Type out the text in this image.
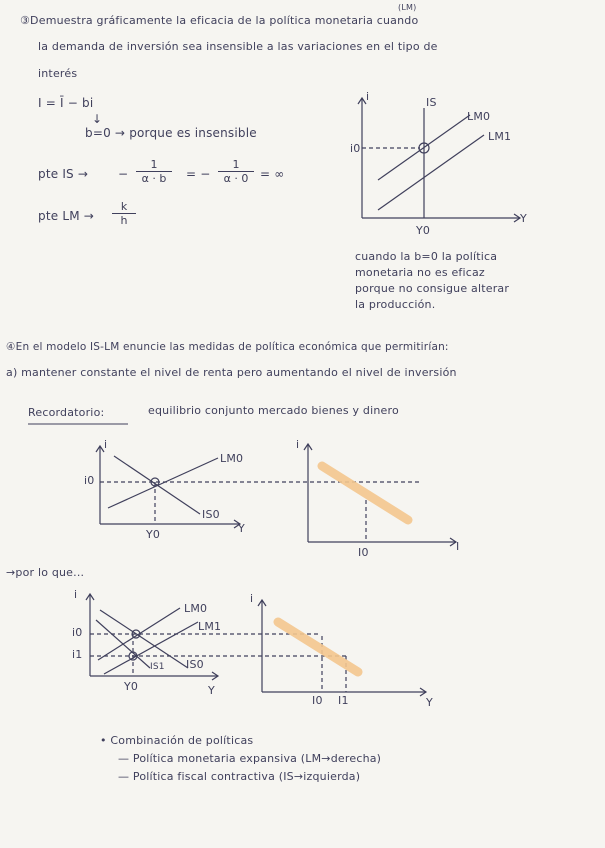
③Demuestra gráficamente la eficacia de la política monetaria cuando
(LM)
la demanda de inversión sea insensible a las variaciones en el tipo de
interés
I = Ī − bi
↓
b=0 → porque es insensible
pte IS → − $\frac{1}{\alpha \cdot b}$ = − $\frac{1}{\alpha \cdot 0}$ = ∞
pte LM → $\frac{k}{h}$
i
Y
IS
LM0
LM1
i0
Y0
cuando la b=0 la política
monetaria no es eficaz
porque no consigue alterar
la producción.
④En el modelo IS-LM enuncie las medidas de política económica que permitirían:
a) mantener constante el nivel de renta pero aumentando el nivel de inversión
Recordatorio:	equilibrio conjunto mercado bienes y dinero
i
Y
LM0
IS0
i0
Y0
i
I
I0
→por lo que...
i
Y
LM0
LM1
IS0
IS1
i0
i1
Y0
i
Y
I0 I1
• Combinación de políticas
— Política monetaria expansiva (LM→derecha)
— Política fiscal contractiva (IS→izquierda)
